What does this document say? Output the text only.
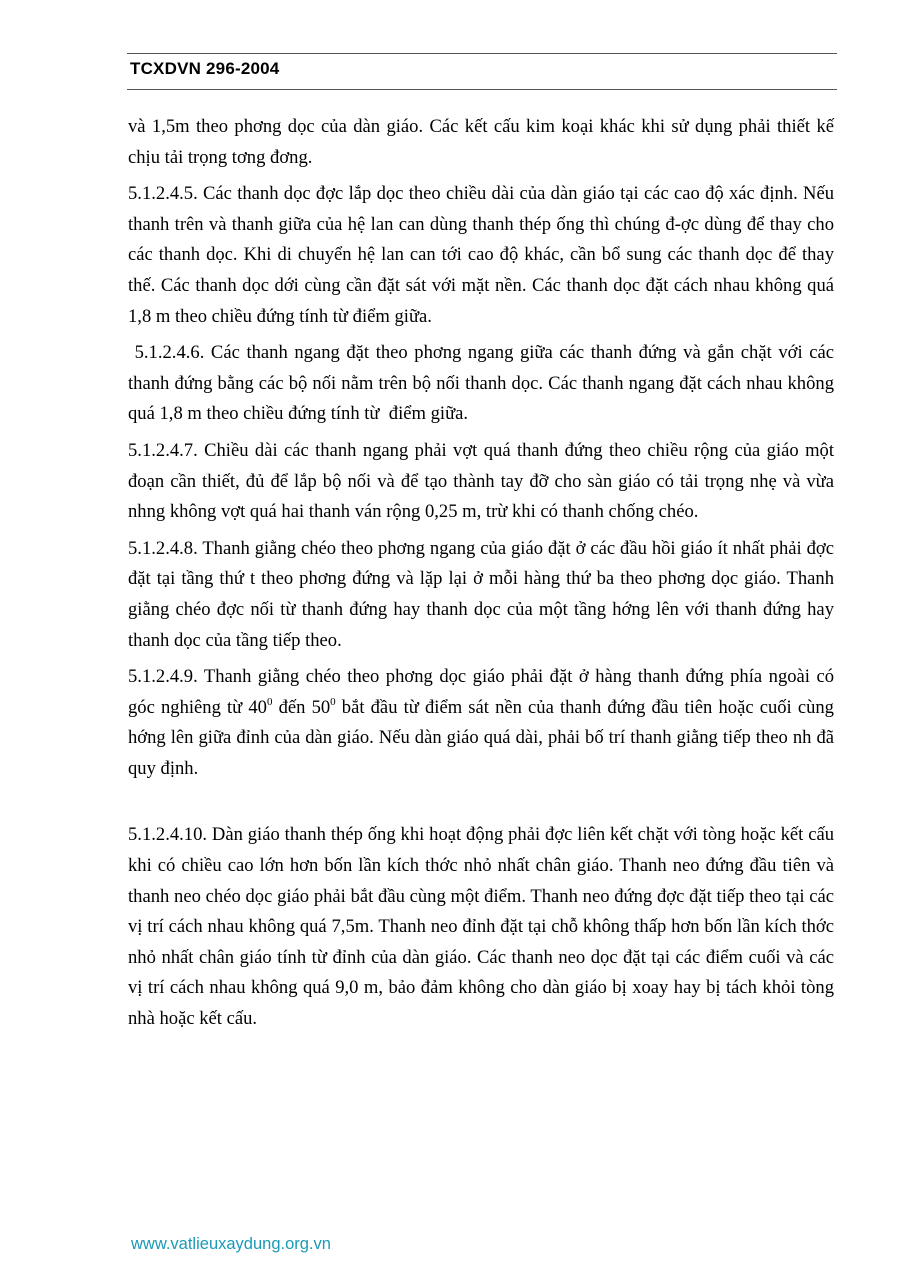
TCXDVN 296-2004

và 1,5m theo phơng dọc của dàn giáo. Các kết cấu kim koại khác khi sử dụng phải thiết kế chịu tải trọng tơng đơng.

5.1.2.4.5. Các thanh dọc đợc lắp dọc theo chiều dài của dàn giáo tại các cao độ xác định. Nếu thanh trên và thanh giữa của hệ lan can dùng thanh thép ống thì chúng đ-ợc dùng để thay cho các thanh dọc. Khi di chuyển hệ lan can tới cao độ khác, cần bổ sung các thanh dọc để thay thế. Các thanh dọc dới cùng cần đặt sát với mặt nền. Các thanh dọc đặt cách nhau không quá 1,8 m theo chiều đứng tính từ điểm giữa.

5.1.2.4.6. Các thanh ngang đặt theo phơng ngang giữa các thanh đứng và gắn chặt với các thanh đứng bằng các bộ nối nằm trên bộ nối thanh dọc. Các thanh ngang đặt cách nhau không quá 1,8 m theo chiều đứng tính từ  điểm giữa.

5.1.2.4.7. Chiều dài các thanh ngang phải vợt quá thanh đứng theo chiều rộng của giáo một đoạn cần thiết, đủ để lắp bộ nối và để tạo thành tay đỡ cho sàn giáo có tải trọng nhẹ và vừa nhng không vợt quá hai thanh ván rộng 0,25 m, trừ khi có thanh chống chéo.

5.1.2.4.8. Thanh giằng chéo theo phơng ngang của giáo đặt ở các đầu hồi giáo ít nhất phải đợc đặt tại tầng thứ t theo phơng đứng và lặp lại ở mỗi hàng thứ ba theo phơng dọc giáo. Thanh giằng chéo đợc nối từ thanh đứng hay thanh dọc của một tầng hớng lên với thanh đứng hay thanh dọc của tầng tiếp theo.

5.1.2.4.9. Thanh giằng chéo theo phơng dọc giáo phải đặt ở hàng thanh đứng phía ngoài có góc nghiêng từ $40^0$ đến $50^0$ bắt đầu từ điểm sát nền của thanh đứng đầu tiên hoặc cuối cùng hớng lên giữa đỉnh của dàn giáo. Nếu dàn giáo quá dài, phải bố trí thanh giằng tiếp theo nh đã quy định.

5.1.2.4.10. Dàn giáo thanh thép ống khi hoạt động phải đợc liên kết chặt với tòng hoặc kết cấu khi có chiều cao lớn hơn bốn lần kích thớc nhỏ nhất chân giáo. Thanh neo đứng đầu tiên và thanh neo chéo dọc giáo phải bắt đầu cùng một điểm. Thanh neo đứng đợc đặt tiếp theo tại các vị trí cách nhau không quá 7,5m. Thanh neo đỉnh đặt tại chỗ không thấp hơn bốn lần kích thớc nhỏ nhất chân giáo tính từ đỉnh của dàn giáo. Các thanh neo dọc đặt tại các điểm cuối và các vị trí cách nhau không quá 9,0 m, bảo đảm không cho dàn giáo bị xoay hay bị tách khỏi tòng nhà hoặc kết cấu.

www.vatlieuxaydung.org.vn
